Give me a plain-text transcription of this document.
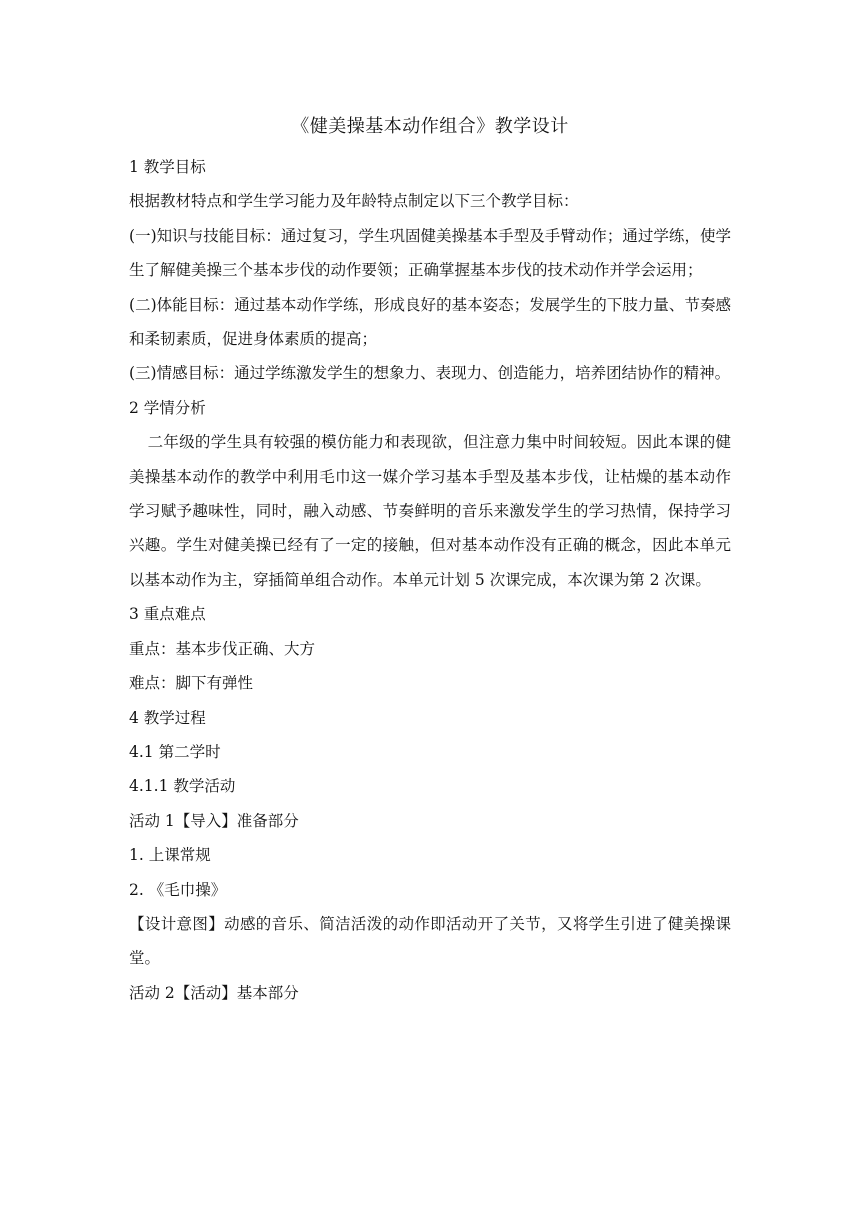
《健美操基本动作组合》教学设计

1 教学目标

根据教材特点和学生学习能力及年龄特点制定以下三个教学目标：

(一)知识与技能目标：通过复习，学生巩固健美操基本手型及手臂动作；通过学练，使学生了解健美操三个基本步伐的动作要领；正确掌握基本步伐的技术动作并学会运用；

(二)体能目标：通过基本动作学练，形成良好的基本姿态；发展学生的下肢力量、节奏感和柔韧素质，促进身体素质的提高；

(三)情感目标：通过学练激发学生的想象力、表现力、创造能力，培养团结协作的精神。

2 学情分析

二年级的学生具有较强的模仿能力和表现欲，但注意力集中时间较短。因此本课的健美操基本动作的教学中利用毛巾这一媒介学习基本手型及基本步伐，让枯燥的基本动作学习赋予趣味性，同时，融入动感、节奏鲜明的音乐来激发学生的学习热情，保持学习兴趣。学生对健美操已经有了一定的接触，但对基本动作没有正确的概念，因此本单元以基本动作为主，穿插简单组合动作。本单元计划 5 次课完成，本次课为第 2 次课。

3 重点难点

重点：基本步伐正确、大方

难点：脚下有弹性

4 教学过程

4.1 第二学时

4.1.1 教学活动

活动 1【导入】准备部分

1. 上课常规

2. 《毛巾操》

【设计意图】动感的音乐、简洁活泼的动作即活动开了关节，又将学生引进了健美操课堂。

活动 2【活动】基本部分
